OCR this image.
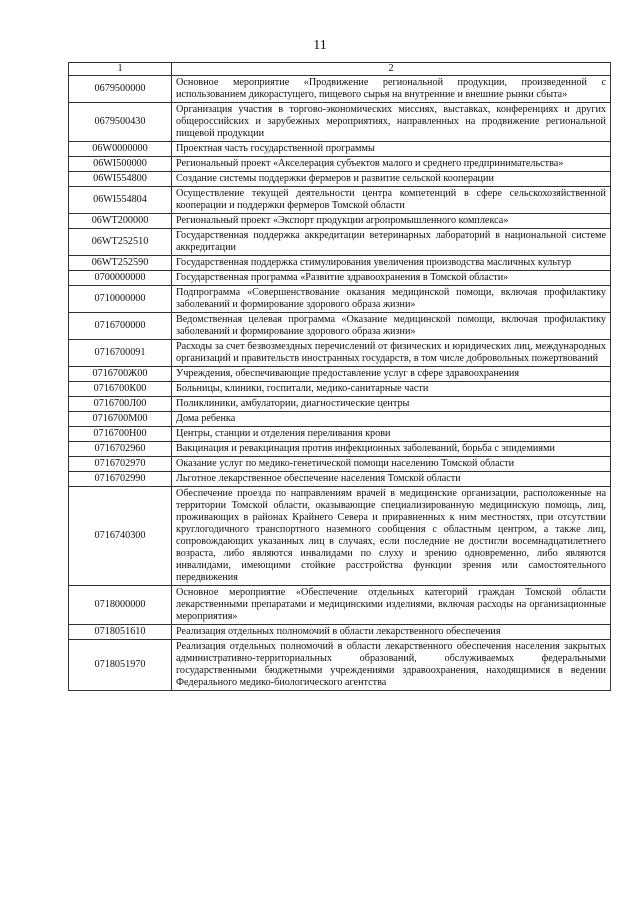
11
1	2
0679500000	Основное мероприятие «Продвижение региональной продукции, произведенной с использованием дикорастущего, пищевого сырья на внутренние и внешние рынки сбыта»
0679500430	Организация участия в торгово-экономических миссиях, выставках, конференциях и других общероссийских и зарубежных мероприятиях, направленных на продвижение региональной пищевой продукции
06W0000000	Проектная часть государственной программы
06WI500000	Региональный проект «Акселерация субъектов малого и среднего предпринимательства»
06WI554800	Создание системы поддержки фермеров и развитие сельской кооперации
06WI554804	Осуществление текущей деятельности центра компетенций в сфере сельскохозяйственной кооперации и поддержки фермеров Томской области
06WT200000	Региональный проект «Экспорт продукции агропромышленного комплекса»
06WT252510	Государственная поддержка аккредитации ветеринарных лабораторий в национальной системе аккредитации
06WT252590	Государственная поддержка стимулирования увеличения производства масличных культур
0700000000	Государственная программа «Развитие здравоохранения в Томской области»
0710000000	Подпрограмма «Совершенствование оказания медицинской помощи, включая профилактику заболеваний и формирование здорового образа жизни»
0716700000	Ведомственная целевая программа «Оказание медицинской помощи, включая профилактику заболеваний и формирование здорового образа жизни»
0716700091	Расходы за счет безвозмездных перечислений от физических и юридических лиц, международных организаций и правительств иностранных государств, в том числе добровольных пожертвований
0716700Ж00	Учреждения, обеспечивающие предоставление услуг в сфере здравоохранения
0716700К00	Больницы, клиники, госпитали, медико-санитарные части
0716700Л00	Поликлиники, амбулатории, диагностические центры
0716700М00	Дома ребенка
0716700Н00	Центры, станции и отделения переливания крови
0716702960	Вакцинация и ревакцинация против инфекционных заболеваний, борьба с эпидемиями
0716702970	Оказание услуг по медико-генетической помощи населению Томской области
0716702990	Льготное лекарственное обеспечение населения Томской области
0716740300	Обеспечение проезда по направлениям врачей в медицинские организации, расположенные на территории Томской области, оказывающие специализированную медицинскую помощь, лиц, проживающих в районах Крайнего Севера и приравненных к ним местностях, при отсутствии круглогодичного транспортного наземного сообщения с областным центром, а также лиц, сопровождающих указанных лиц в случаях, если последние не достигли восемнадцатилетнего возраста, либо являются инвалидами по слуху и зрению одновременно, либо являются инвалидами, имеющими стойкие расстройства функции зрения или самостоятельного передвижения
0718000000	Основное мероприятие «Обеспечение отдельных категорий граждан Томской области лекарственными препаратами и медицинскими изделиями, включая расходы на организационные мероприятия»
0718051610	Реализация отдельных полномочий в области лекарственного обеспечения
0718051970	Реализация отдельных полномочий в области лекарственного обеспечения населения закрытых административно-территориальных образований, обслуживаемых федеральными государственными бюджетными учреждениями здравоохранения, находящимися в ведении Федерального медико-биологического агентства
